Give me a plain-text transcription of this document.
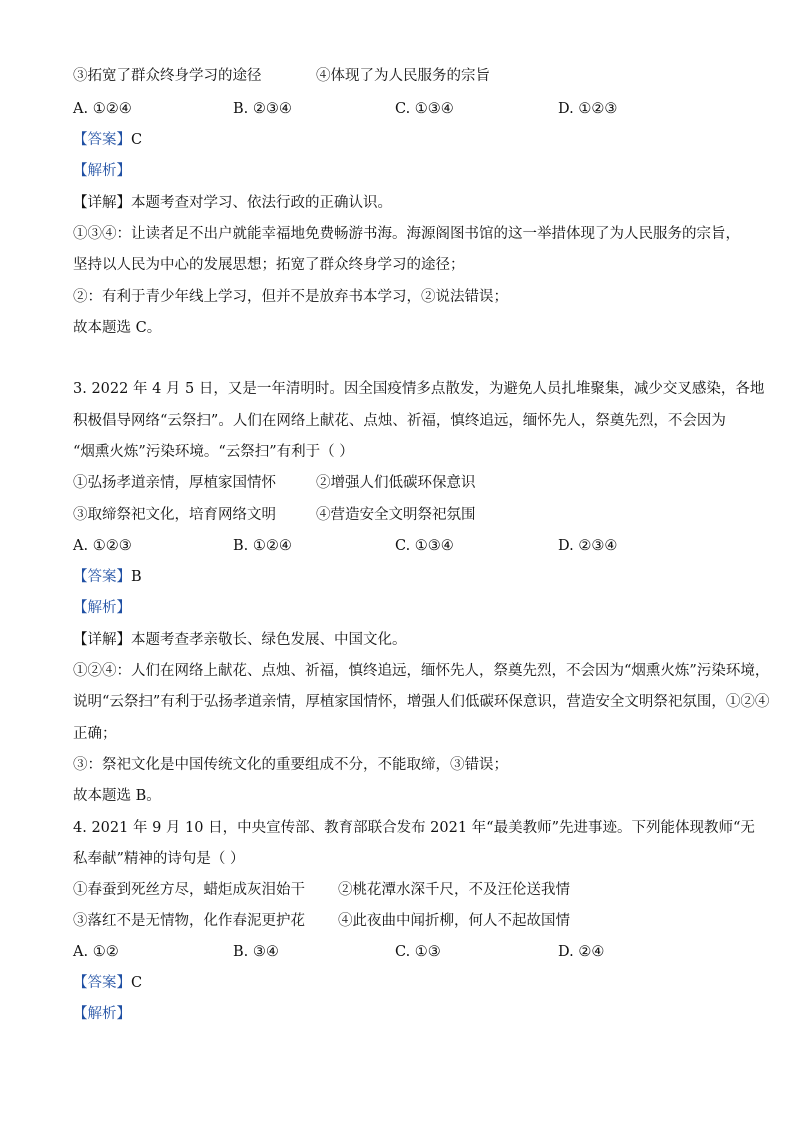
③拓宽了群众终身学习的途径	④体现了为人民服务的宗旨
A. ①②④	B. ②③④	C. ①③④	D. ①②③
【答案】C
【解析】
【详解】本题考查对学习、依法行政的正确认识。
①③④：让读者足不出户就能幸福地免费畅游书海。海源阁图书馆的这一举措体现了为人民服务的宗旨，
坚持以人民为中心的发展思想；拓宽了群众终身学习的途径；
②：有利于青少年线上学习，但并不是放弃书本学习，②说法错误；
故本题选 C。
3. 2022 年 4 月 5 日，又是一年清明时。因全国疫情多点散发，为避免人员扎堆聚集，减少交叉感染，各地
积极倡导网络“云祭扫”。人们在网络上献花、点烛、祈福，慎终追远，缅怀先人，祭奠先烈，不会因为
“烟熏火炼”污染环境。“云祭扫”有利于（ ）
①弘扬孝道亲情，厚植家国情怀	②增强人们低碳环保意识
③取缔祭祀文化，培育网络文明	④营造安全文明祭祀氛围
A. ①②③	B. ①②④	C. ①③④	D. ②③④
【答案】B
【解析】
【详解】本题考查孝亲敬长、绿色发展、中国文化。
①②④：人们在网络上献花、点烛、祈福，慎终追远，缅怀先人，祭奠先烈，不会因为“烟熏火炼”污染环境，
说明“云祭扫”有利于弘扬孝道亲情，厚植家国情怀，增强人们低碳环保意识，营造安全文明祭祀氛围，①②④
正确；
③：祭祀文化是中国传统文化的重要组成不分，不能取缔，③错误；
故本题选 B。
4. 2021 年 9 月 10 日，中央宣传部、教育部联合发布 2021 年“最美教师”先进事迹。下列能体现教师“无
私奉献”精神的诗句是（ ）
①春蚕到死丝方尽，蜡炬成灰泪始干 ②桃花潭水深千尺，不及汪伦送我情
③落红不是无情物，化作春泥更护花 ④此夜曲中闻折柳，何人不起故国情
A. ①②	B. ③④	C. ①③	D. ②④
【答案】C
【解析】
